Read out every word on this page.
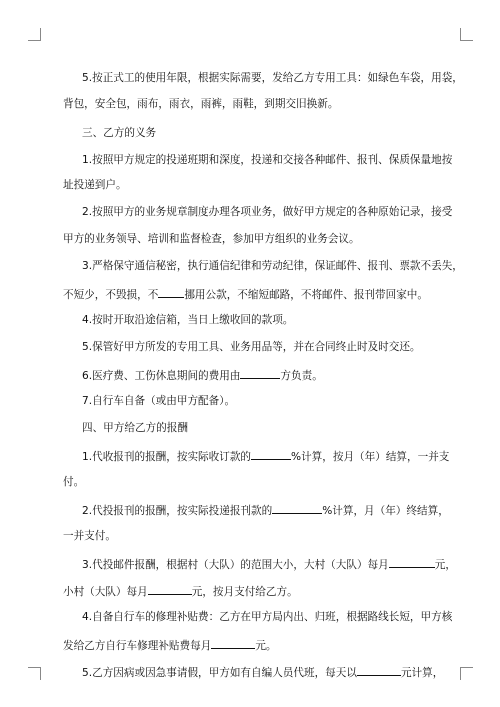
5.按正式工的使用年限，根据实际需要，发给乙方专用工具：如绿色车袋，用袋，
背包，安全包，雨布，雨衣，雨裤，雨鞋，到期交旧换新。
三、乙方的义务
1.按照甲方规定的投递班期和深度，投递和交接各种邮件、报刊、保质保量地按
址投递到户。
2.按照甲方的业务规章制度办理各项业务，做好甲方规定的各种原始记录，接受
甲方的业务领导、培训和监督检查，参加甲方组织的业务会议。
3.严格保守通信秘密，执行通信纪律和劳动纪律，保证邮件、报刊、票款不丢失，
不短少，不毁损，不 挪用公款，不缩短邮路，不将邮件、报刊带回家中。
4.按时开取沿途信箱，当日上缴收回的款项。
5.保管好甲方所发的专用工具、业务用品等，并在合同终止时及时交还。
6.医疗费、工伤休息期间的费用由	方负责。
7.自行车自备（或由甲方配备）。
四、甲方给乙方的报酬
1.代收报刊的报酬，按实际收订款的	%计算，按月（年）结算，一并支
付。
2.代投报刊的报酬，按实际投递报刊款的	%计算，月（年）终结算，
一并支付。
3.代投邮件报酬，根据村（大队）的范围大小，大村（大队）每月	元，
小村（大队）每月	元，按月支付给乙方。
4.自备自行车的修理补贴费：乙方在甲方局内出、归班，根据路线长短，甲方核
发给乙方自行车修理补贴费每月	元。
5.乙方因病或因急事请假，甲方如有自编人员代班，每天以	元计算，
